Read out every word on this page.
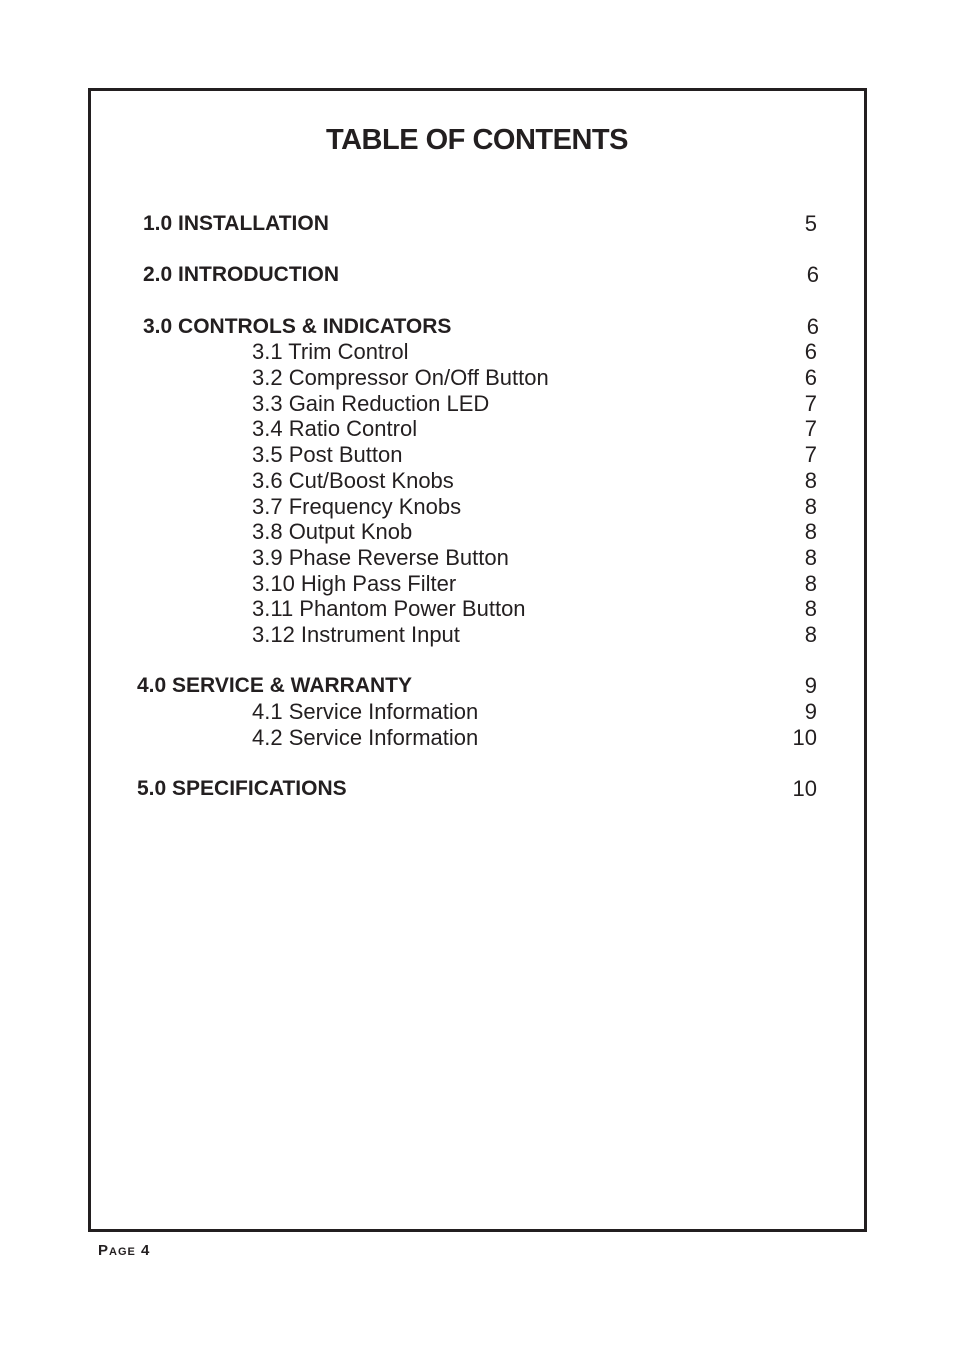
TABLE OF CONTENTS
1.0 INSTALLATION	5
2.0 INTRODUCTION	6
3.0 CONTROLS & INDICATORS	6
3.1 Trim Control	6
3.2 Compressor On/Off Button	6
3.3 Gain Reduction LED	7
3.4 Ratio Control	7
3.5 Post Button	7
3.6 Cut/Boost Knobs	8
3.7 Frequency Knobs	8
3.8 Output Knob	8
3.9 Phase Reverse Button	8
3.10 High Pass Filter	8
3.11 Phantom Power Button	8
3.12 Instrument Input	8
4.0 SERVICE & WARRANTY	9
4.1 Service Information	9
4.2 Service Information	10
5.0 SPECIFICATIONS	10
Page 4
